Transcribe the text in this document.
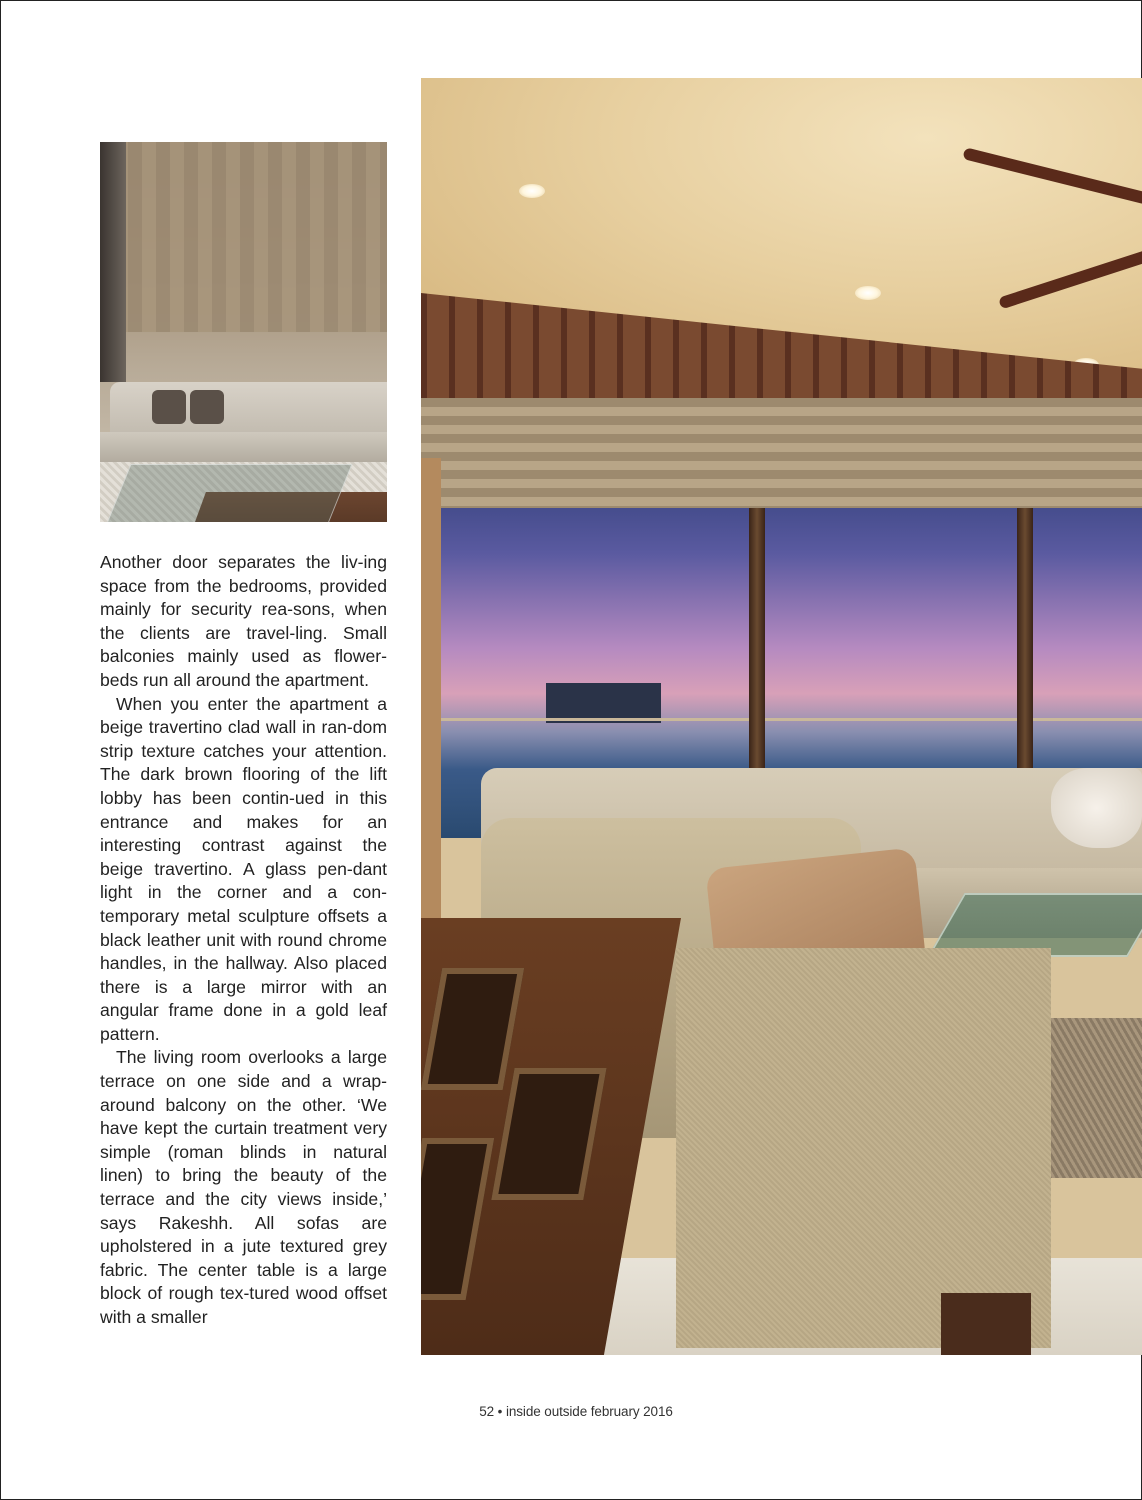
Another door separates the liv-ing space from the bedrooms, provided mainly for security rea-sons, when the clients are travel-ling. Small balconies mainly used as flower-beds run all around the apartment.

When you enter the apartment a beige travertino clad wall in ran-dom strip texture catches your attention. The dark brown flooring of the lift lobby has been contin-ued in this entrance and makes for an interesting contrast against the beige travertino. A glass pen-dant light in the corner and a con-temporary metal sculpture offsets a black leather unit with round chrome handles, in the hallway. Also placed there is a large mirror with an angular frame done in a gold leaf pattern.

The living room overlooks a large terrace on one side and a wrap-around balcony on the other. ‘We have kept the curtain treatment very simple (roman blinds in natural linen) to bring the beauty of the terrace and the city views inside,’ says Rakeshh. All sofas are upholstered in a jute textured grey fabric. The center table is a large block of rough tex-tured wood offset with a smaller

52 • inside outside february 2016
